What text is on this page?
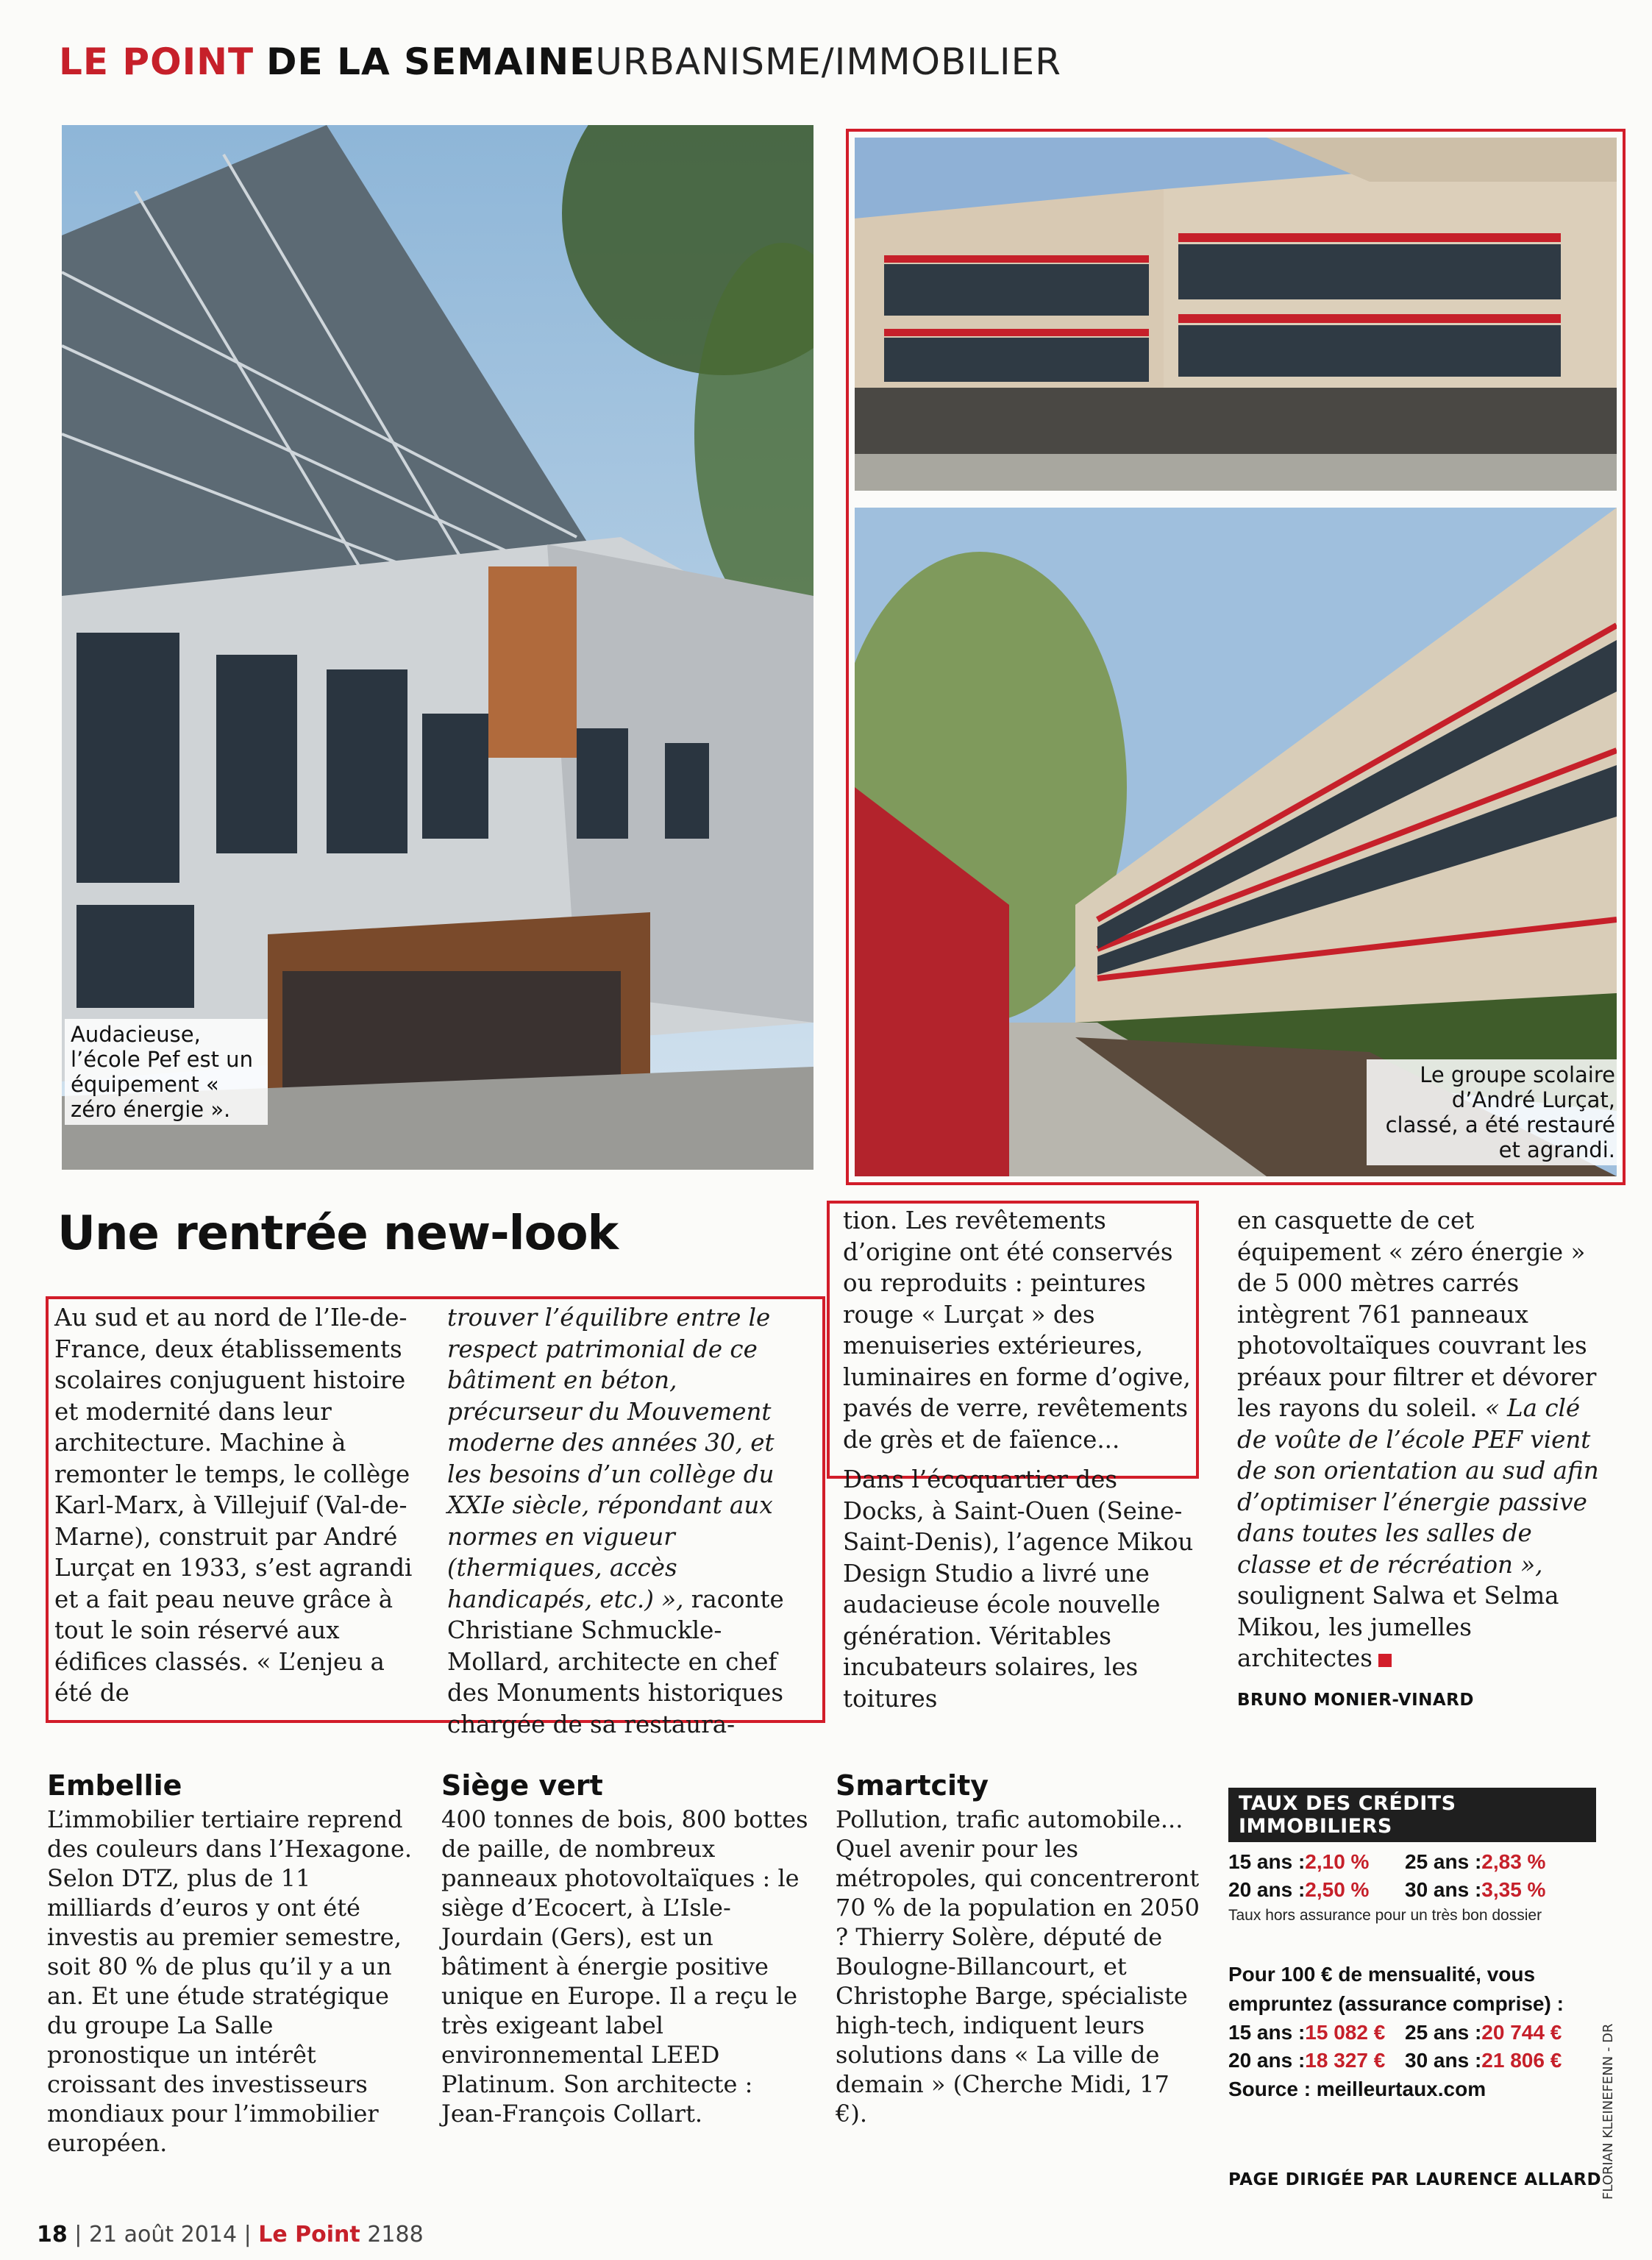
LE POINT DE LA SEMAINEURBANISME/IMMOBILIER
Audacieuse, l’école Pef est un équipement « zéro énergie ».
Le groupe scolaire d’André Lurçat, classé, a été restauré et agrandi.
Une rentrée new-look

Au sud et au nord de l’Ile-de-France, deux établissements scolaires conjuguent histoire et modernité dans leur architecture. Machine à remonter le temps, le collège Karl-Marx, à Villejuif (Val-de-Marne), construit par André Lurçat en 1933, s’est agrandi et a fait peau neuve grâce à tout le soin réservé aux édifices classés. « L’enjeu a été de

trouver l’équilibre entre le respect patrimonial de ce bâtiment en béton, précurseur du Mouvement moderne des années 30, et les besoins d’un collège du XXIe siècle, répondant aux normes en vigueur (thermiques, accès handicapés, etc.) », raconte Christiane Schmuckle-Mollard, architecte en chef des Monuments historiques chargée de sa restaura-

tion. Les revêtements d’origine ont été conservés ou reproduits : peintures rouge « Lurçat » des menuiseries extérieures, luminaires en forme d’ogive, pavés de verre, revêtements de grès et de faïence...

Dans l’écoquartier des Docks, à Saint-Ouen (Seine-Saint-Denis), l’agence Mikou Design Studio a livré une audacieuse école nouvelle génération. Véritables incubateurs solaires, les toitures

en casquette de cet équipement « zéro énergie » de 5 000 mètres carrés intègrent 761 panneaux photovoltaïques couvrant les préaux pour filtrer et dévorer les rayons du soleil. « La clé de voûte de l’école PEF vient de son orientation au sud afin d’optimiser l’énergie passive dans toutes les salles de classe et de récréation », soulignent Salwa et Selma Mikou, les jumelles architectes

BRUNO MONIER-VINARD
Embellie
L’immobilier tertiaire reprend des couleurs dans l’Hexagone. Selon DTZ, plus de 11 milliards d’euros y ont été investis au premier semestre, soit 80 % de plus qu’il y a un an. Et une étude stratégique du groupe La Salle pronostique un intérêt croissant des investisseurs mondiaux pour l’immobilier européen.
Siège vert
400 tonnes de bois, 800 bottes de paille, de nombreux panneaux photovoltaïques : le siège d’Ecocert, à L’Isle-Jourdain (Gers), est un bâtiment à énergie positive unique en Europe. Il a reçu le très exigeant label environnemental LEED Platinum. Son architecte : Jean-François Collart.
Smartcity
Pollution, trafic automobile... Quel avenir pour les métropoles, qui concentreront 70 % de la population en 2050 ? Thierry Solère, député de Boulogne-Billancourt, et Christophe Barge, spécialiste high-tech, indiquent leurs solutions dans « La ville de demain » (Cherche Midi, 17 €).
TAUX DES CRÉDITS IMMOBILIERS
15 ans :2,10 %	25 ans :2,83 %
20 ans :2,50 %	30 ans :3,35 %
Taux hors assurance pour un très bon dossier
Pour 100 € de mensualité, vous
empruntez (assurance comprise) :
15 ans :15 082 € 25 ans :20 744 €
20 ans :18 327 € 30 ans :21 806 €
Source : meilleurtaux.com
PAGE DIRIGÉE PAR LAURENCE ALLARD
FLORIAN KLEINEFENN - DR
18 | 21 août 2014 | Le Point 2188
